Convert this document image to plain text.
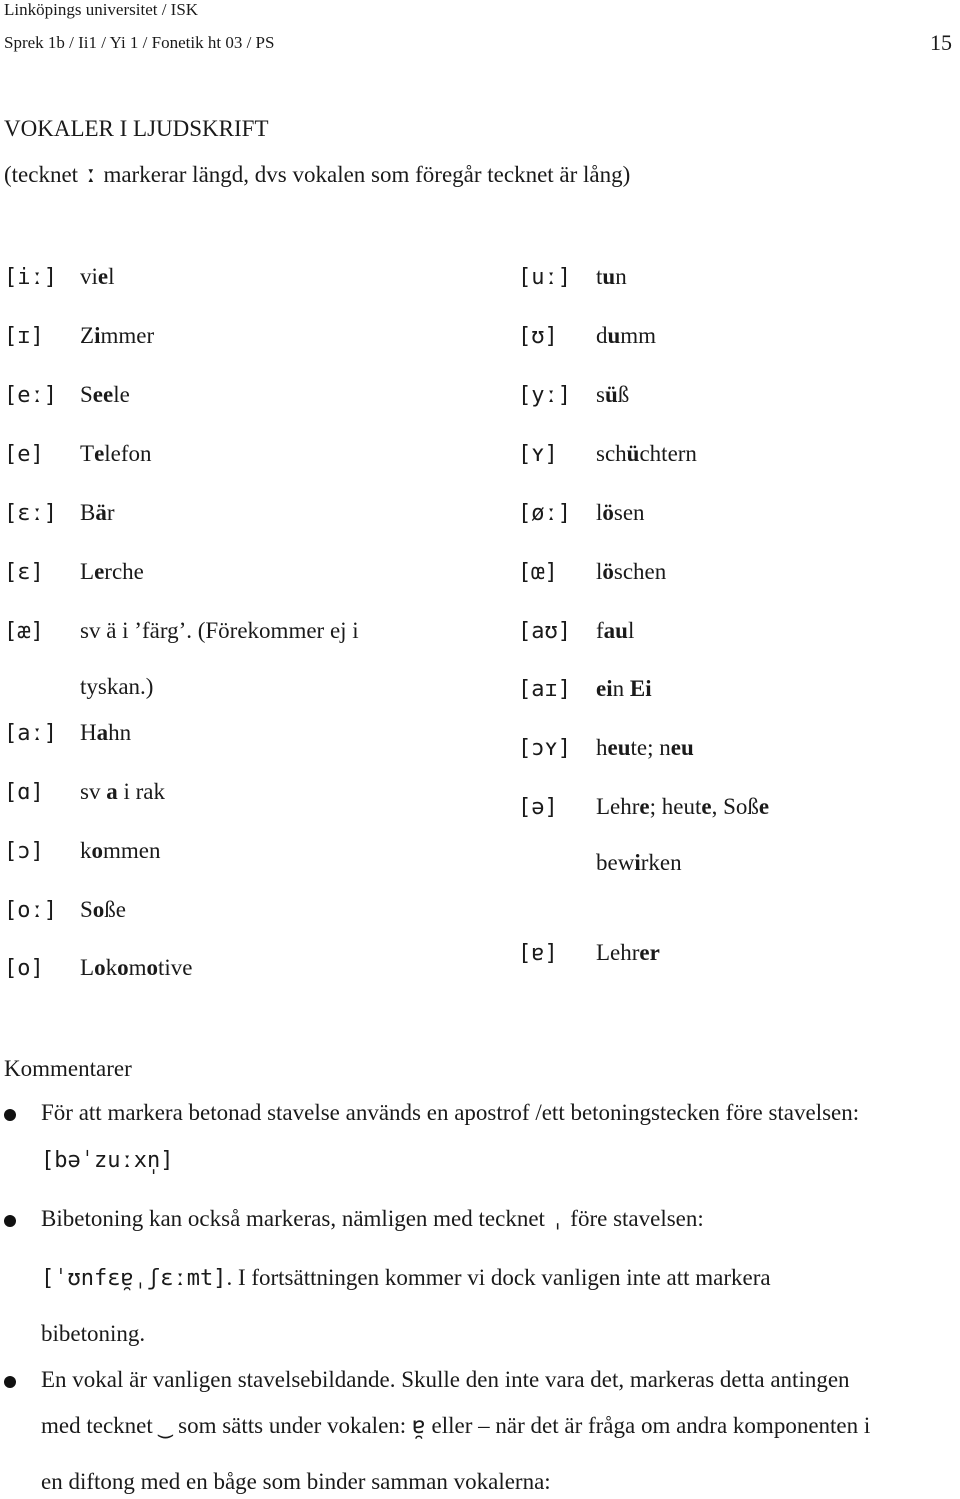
Linköpings universitet / ISK
Sprek 1b / Ii1 / Yi 1 / Fonetik ht 03 / PS	15
VOKALER I LJUDSKRIFT
(tecknet ː markerar längd, dvs vokalen som föregår tecknet är lång)
[iː] viel
[ɪ] Zimmer
[eː] Seele
[e] Telefon
[ɛː] Bär
[ɛ] Lerche
[æ] sv ä i ’färg’. (Förekommer ej i
tyskan.)
[aː] Hahn
[ɑ] sv a i rak
[ɔ] kommen
[oː] Soße
[o] Lokomotive
[uː] tun
[ʊ] dumm
[yː] süß
[ʏ] schüchtern
[øː] lösen
[œ] löschen
[aʊ] faul
[aɪ] ein Ei
[ɔʏ] heute; neu
[ə] Lehre; heute, Soße
bewirken
[ɐ] Lehrer
Kommentarer
För att markera betonad stavelse används en apostrof /ett betoningstecken före stavelsen:
[bəˈzuːxn̩]
Bibetoning kan också markeras, nämligen med tecknet ˌ före stavelsen:
[ˈʊnfɛɐ̯ˌʃɛːmt]. I fortsättningen kommer vi dock vanligen inte att markera
bibetoning.
En vokal är vanligen stavelsebildande. Skulle den inte vara det, markeras detta antingen
med tecknet ‿ som sätts under vokalen: ɐ̯ eller – när det är fråga om andra komponenten i
en diftong med en båge som binder samman vokalerna:
